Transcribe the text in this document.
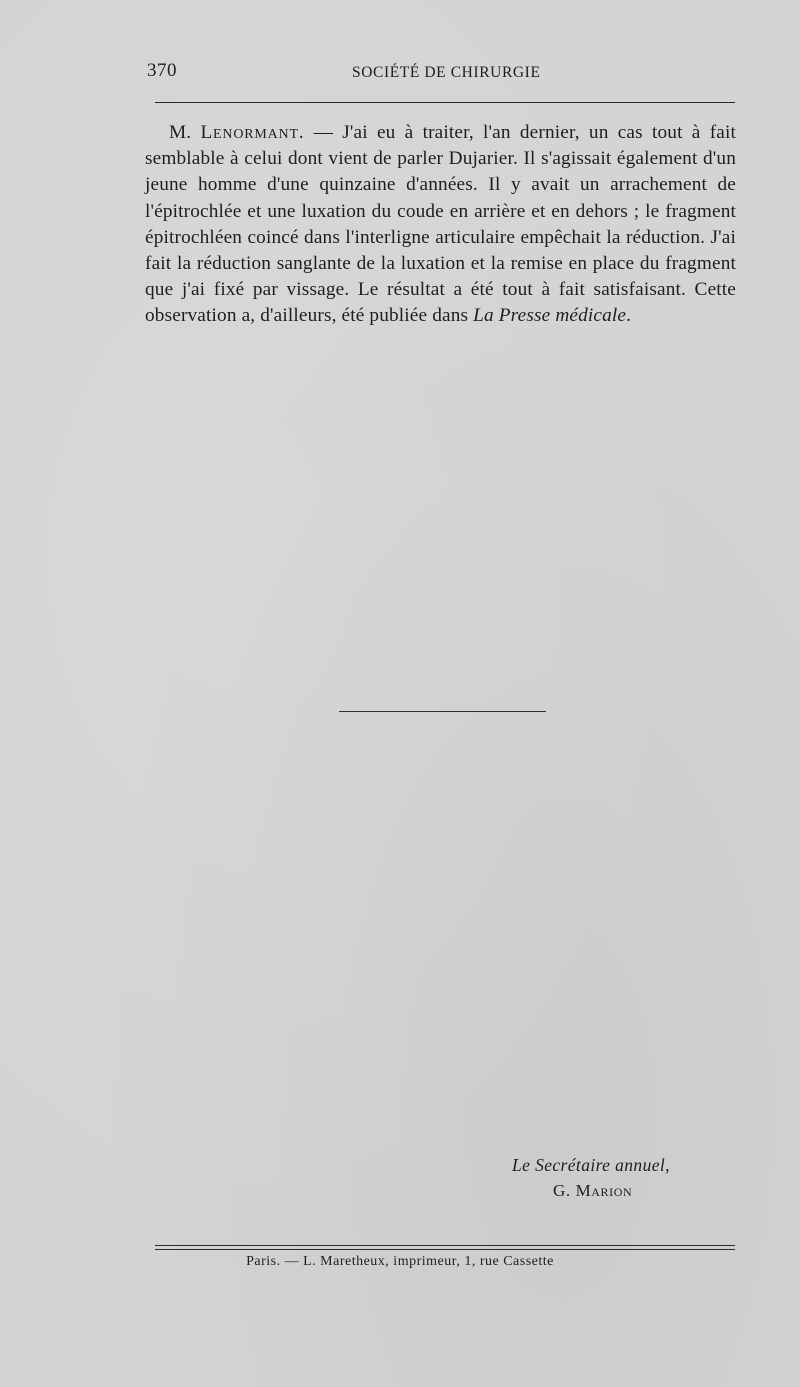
370	SOCIÉTÉ DE CHIRURGIE

M. Lenormant. — J'ai eu à traiter, l'an dernier, un cas tout à fait semblable à celui dont vient de parler Dujarier. Il s'agissait également d'un jeune homme d'une quinzaine d'années. Il y avait un arrachement de l'épitrochlée et une luxation du coude en arrière et en dehors ; le fragment épitrochléen coincé dans l'interligne articulaire empêchait la réduction. J'ai fait la réduction sanglante de la luxation et la remise en place du fragment que j'ai fixé par vissage. Le résultat a été tout à fait satisfaisant. Cette observation a, d'ailleurs, été publiée dans La Presse médicale.

Le Secrétaire annuel,
G. Marion
Paris. — L. Maretheux, imprimeur, 1, rue Cassette
